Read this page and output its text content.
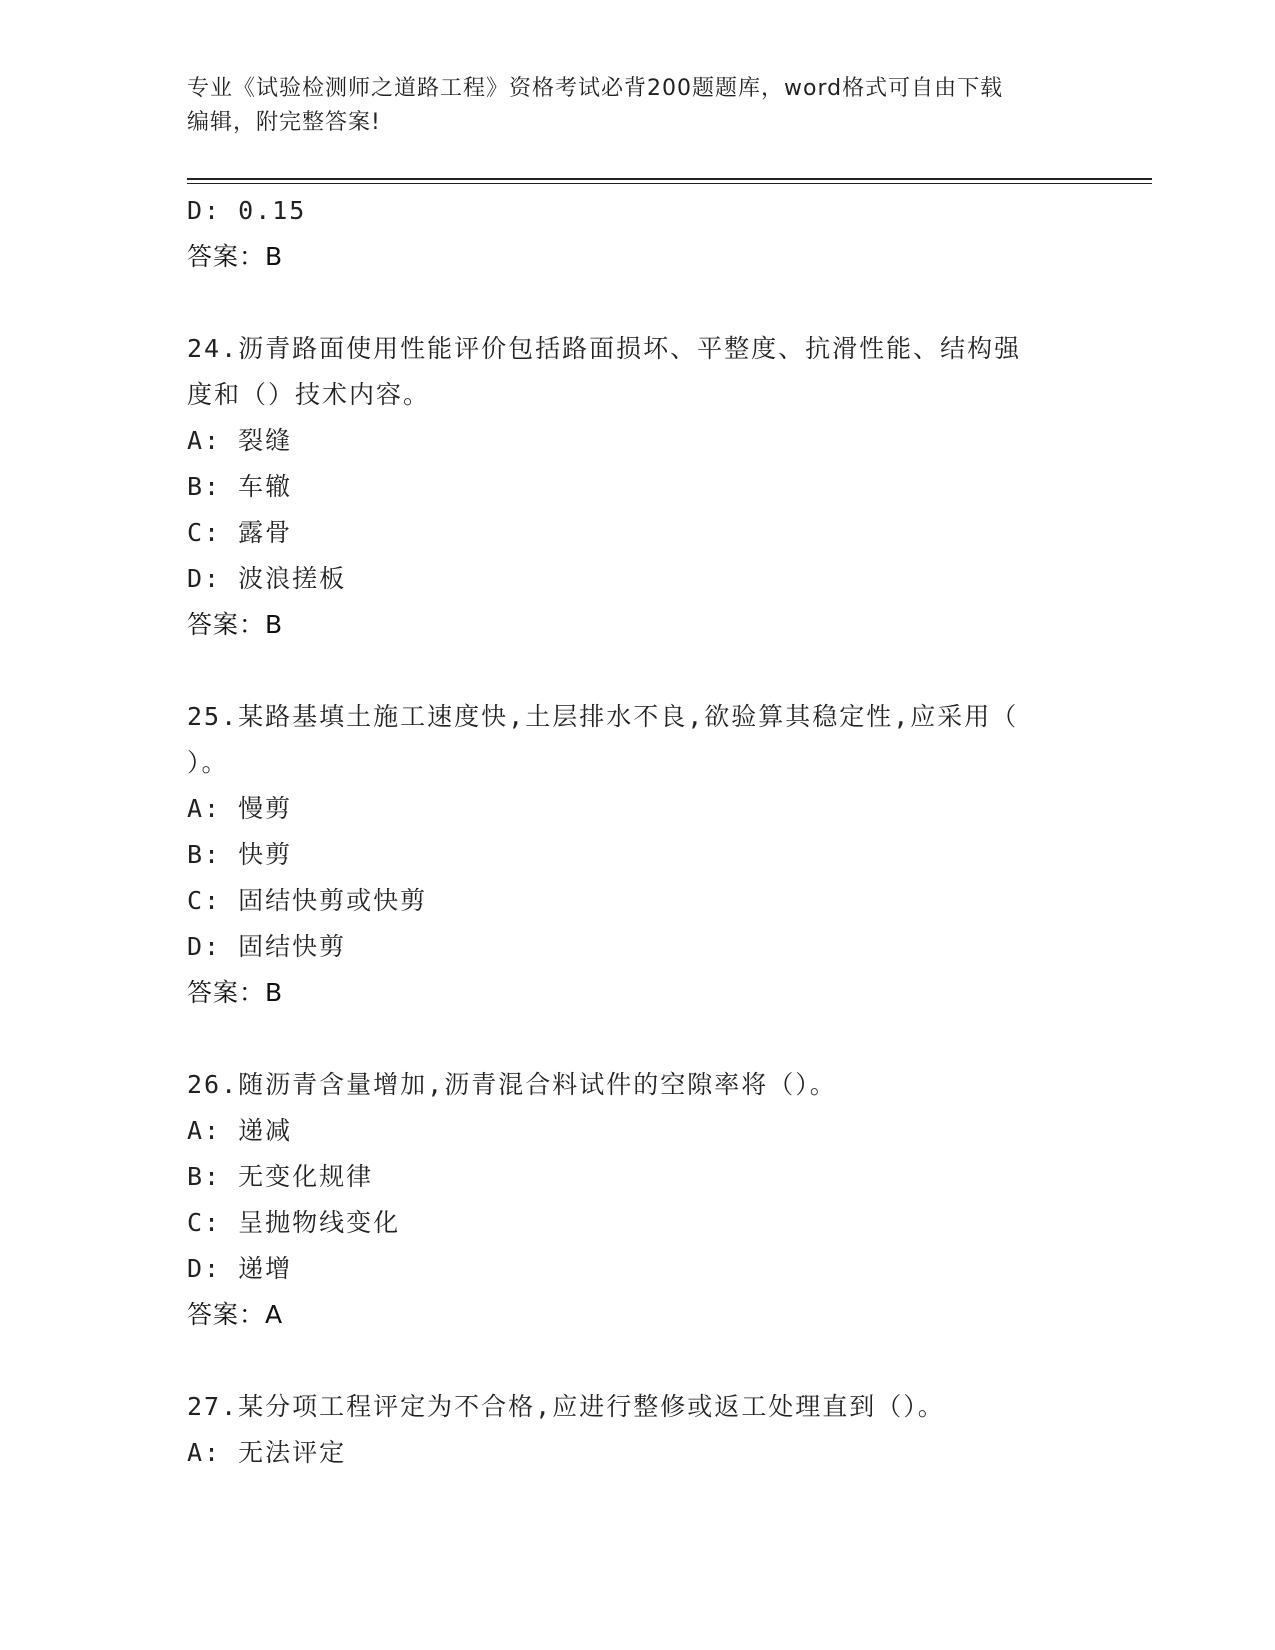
专业《试验检测师之道路工程》资格考试必背200题题库，word格式可自由下载
编辑，附完整答案!
D: 0.15
答案：B
24.沥青路面使用性能评价包括路面损坏、平整度、抗滑性能、结构强
度和（）技术内容。
A: 裂缝
B: 车辙
C: 露骨
D: 波浪搓板
答案：B
25.某路基填土施工速度快,土层排水不良,欲验算其稳定性,应采用（
）。
A: 慢剪
B: 快剪
C: 固结快剪或快剪
D: 固结快剪
答案：B
26.随沥青含量增加,沥青混合料试件的空隙率将（）。
A: 递减
B: 无变化规律
C: 呈抛物线变化
D: 递增
答案：A
27.某分项工程评定为不合格,应进行整修或返工处理直到（）。
A: 无法评定
